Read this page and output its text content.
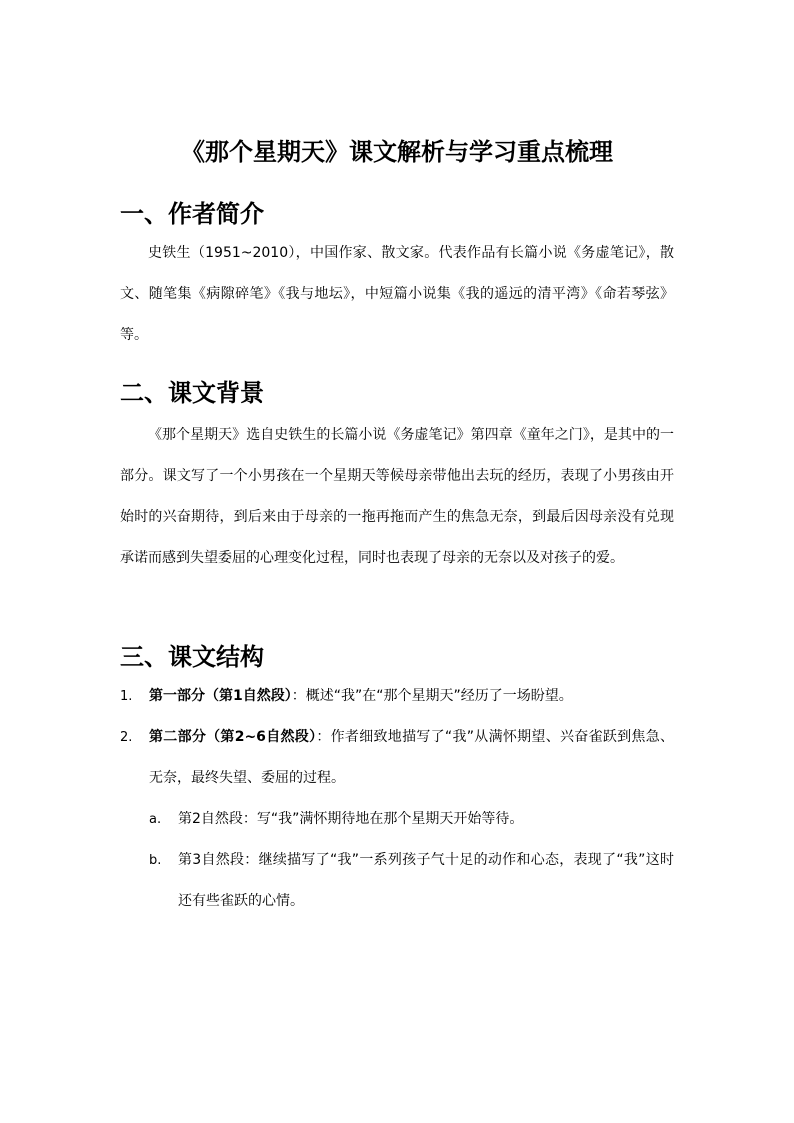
《那个星期天》课文解析与学习重点梳理
一、作者简介

史铁生（1951~2010），中国作家、散文家。代表作品有长篇小说《务虚笔记》，散文、随笔集《病隙碎笔》《我与地坛》，中短篇小说集《我的遥远的清平湾》《命若琴弦》等。

二、课文背景

《那个星期天》选自史铁生的长篇小说《务虚笔记》第四章《童年之门》，是其中的一部分。课文写了一个小男孩在一个星期天等候母亲带他出去玩的经历，表现了小男孩由开始时的兴奋期待，到后来由于母亲的一拖再拖而产生的焦急无奈，到最后因母亲没有兑现承诺而感到失望委屈的心理变化过程，同时也表现了母亲的无奈以及对孩子的爱。

三、课文结构
1. 第一部分（第1自然段）：概述“我”在“那个星期天”经历了一场盼望。
2. 第二部分（第2~6自然段）：作者细致地描写了“我”从满怀期望、兴奋雀跃到焦急、无奈，最终失望、委屈的过程。
a. 第2自然段：写“我”满怀期待地在那个星期天开始等待。
b. 第3自然段：继续描写了“我”一系列孩子气十足的动作和心态，表现了“我”这时还有些雀跃的心情。
